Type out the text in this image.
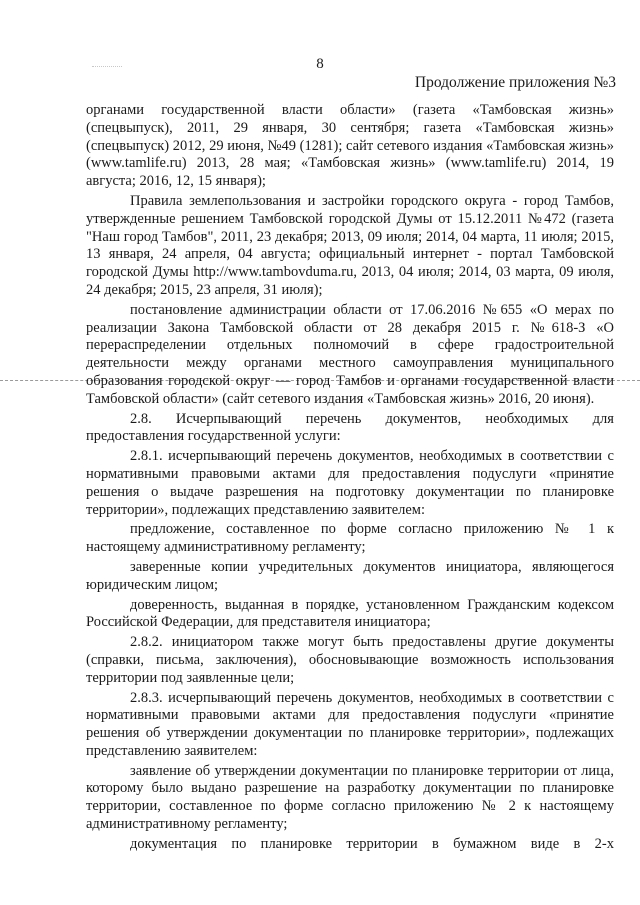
8
Продолжение приложения №3

органами государственной власти области» (газета «Тамбовская жизнь» (спецвыпуск), 2011, 29 января, 30 сентября; газета «Тамбовская жизнь» (спецвыпуск) 2012, 29 июня, №49 (1281); сайт сетевого издания «Тамбовская жизнь» (www.tamlife.ru) 2013, 28 мая; «Тамбовская жизнь» (www.tamlife.ru) 2014, 19 августа; 2016, 12, 15 января);

Правила землепользования и застройки городского округа - город Тамбов, утвержденные решением Тамбовской городской Думы от 15.12.2011 №472 (газета "Наш город Тамбов", 2011, 23 декабря; 2013, 09 июля; 2014, 04 марта, 11 июля; 2015, 13 января, 24 апреля, 04 августа; официальный интернет - портал Тамбовской городской Думы http://www.tambovduma.ru, 2013, 04 июля; 2014, 03 марта, 09 июля, 24 декабря; 2015, 23 апреля, 31 июля);

постановление администрации области от 17.06.2016 №655 «О мерах по реализации Закона Тамбовской области от 28 декабря 2015 г. №618-З «О перераспределении отдельных полномочий в сфере градостроительной деятельности между органами местного самоуправления муниципального образования городской округ — город Тамбов и органами государственной власти Тамбовской области» (сайт сетевого издания «Тамбовская жизнь» 2016, 20 июня).

2.8. Исчерпывающий перечень документов, необходимых для

предоставления государственной услуги:

2.8.1. исчерпывающий перечень документов, необходимых в соответствии с нормативными правовыми актами для предоставления подуслуги «принятие решения о выдаче разрешения на подготовку документации по планировке территории», подлежащих представлению заявителем:

предложение, составленное по форме согласно приложению № 1 к настоящему административному регламенту;

заверенные копии учредительных документов инициатора, являющегося юридическим лицом;

доверенность, выданная в порядке, установленном Гражданским кодексом Российской Федерации, для представителя инициатора;

2.8.2. инициатором также могут быть предоставлены другие документы (справки, письма, заключения), обосновывающие возможность использования территории под заявленные цели;

2.8.3. исчерпывающий перечень документов, необходимых в соответствии с нормативными правовыми актами для предоставления подуслуги «принятие решения об утверждении документации по планировке территории», подлежащих представлению заявителем:

заявление об утверждении документации по планировке территории от лица, которому было выдано разрешение на разработку документации по планировке территории, составленное по форме согласно приложению № 2 к настоящему административному регламенту;

документация по планировке территории в бумажном виде в 2-х
